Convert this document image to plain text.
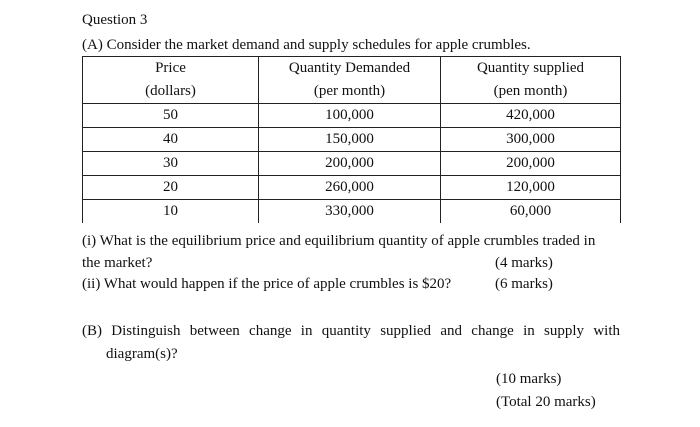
Question 3
(A) Consider the market demand and supply schedules for apple crumbles.
Price	Quantity Demanded	Quantity supplied
(dollars)	(per month)	(pen month)
50	100,000	420,000
40	150,000	300,000
30	200,000	200,000
20	260,000	120,000
10	330,000	60,000
(i) What is the equilibrium price and equilibrium quantity of apple crumbles traded in
the market?	(4 marks)
(ii) What would happen if the price of apple crumbles is $20?	(6 marks)
(B) Distinguish between change in quantity supplied and change in supply with
diagram(s)?
(10 marks)
(Total 20 marks)
